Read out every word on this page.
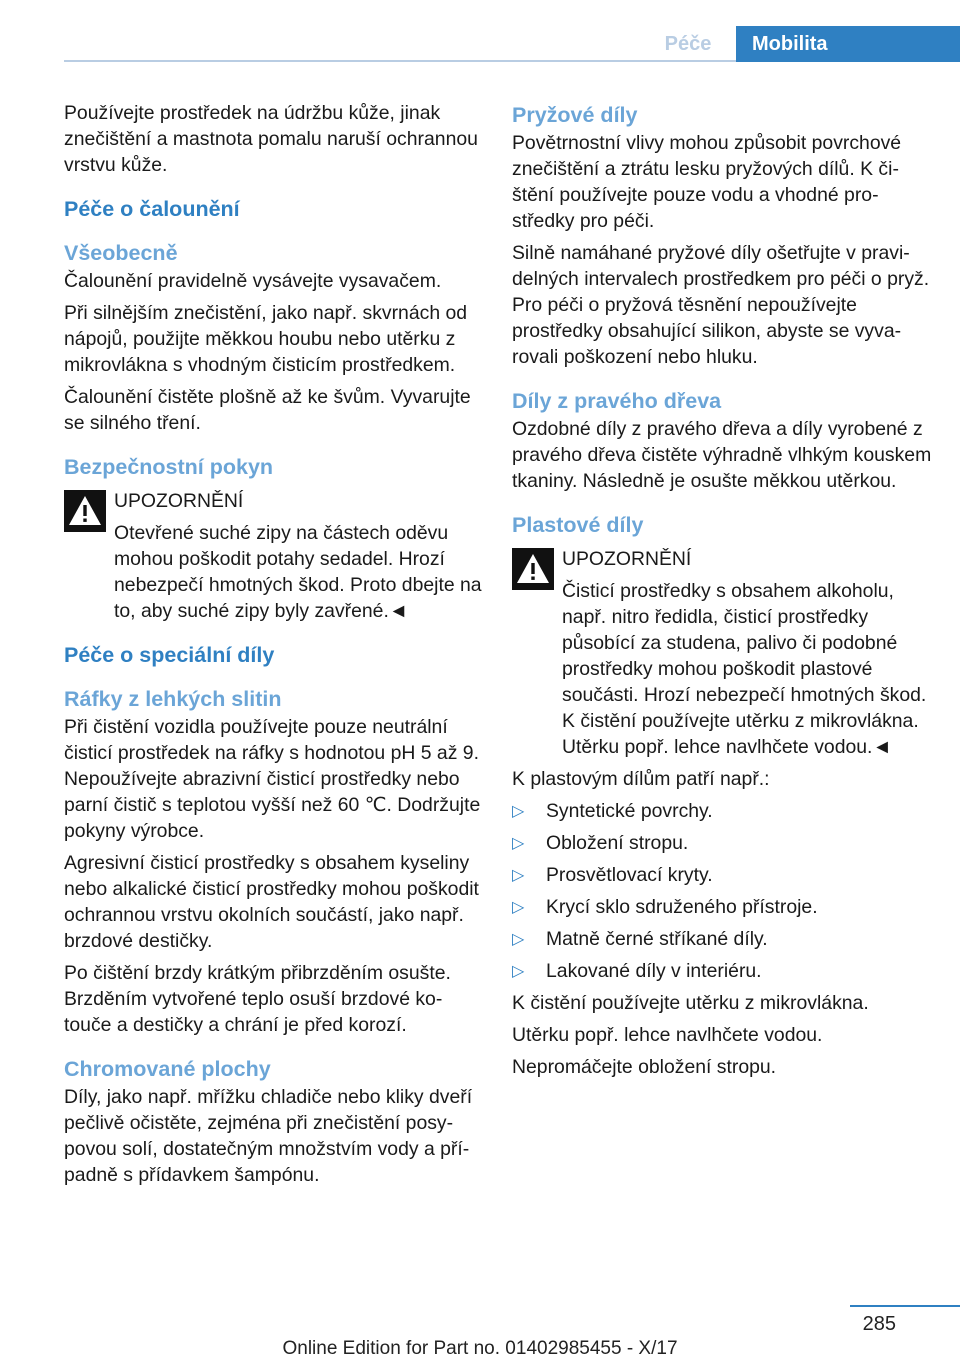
Péče	Mobilita

Používejte prostředek na údržbu kůže, jinak znečištění a mastnota pomalu naruší ochrannou vrstvu kůže.

Péče o čalounění
Všeobecně

Čalounění pravidelně vysávejte vysavačem.

Při silnějším znečistění, jako např. skvrnách od nápojů, použijte měkkou houbu nebo utěrku z mikrovlákna s vhodným čisticím prostředkem.

Čalounění čistěte plošně až ke švům. Vyvarujte se silného tření.

Bezpečnostní pokyn

UPOZORNĚNÍ

Otevřené suché zipy na částech oděvu mohou poškodit potahy sedadel. Hrozí nebezpečí hmotných škod. Proto dbejte na to, aby suché zipy byly zavřené.◄

Péče o speciální díly
Ráfky z lehkých slitin

Při čistění vozidla používejte pouze neutrální čisticí prostředek na ráfky s hodnotou pH 5 až 9. Nepoužívejte abrazivní čisticí prostředky nebo parní čistič s teplotou vyšší než 60 ℃. Dodržujte pokyny výrobce.

Agresivní čisticí prostředky s obsahem kyseliny nebo alkalické čisticí prostředky mohou poškodit ochrannou vrstvu okolních součástí, jako např. brzdové destičky.

Po čištění brzdy krátkým přibrzděním osušte. Brzděním vytvořené teplo osuší brzdové kotouče a destičky a chrání je před korozí.

Chromované plochy

Díly, jako např. mřížku chladiče nebo kliky dveří pečlivě očistěte, zejména při znečistění posypovou solí, dostatečným množstvím vody a případně s přídavkem šampónu.

Pryžové díly

Povětrnostní vlivy mohou způsobit povrchové znečištění a ztrátu lesku pryžových dílů. K čištění používejte pouze vodu a vhodné prostředky pro péči.

Silně namáhané pryžové díly ošetřujte v pravidelných intervalech prostředkem pro péči o pryž. Pro péči o pryžová těsnění nepoužívejte prostředky obsahující silikon, abyste se vyvarovali poškození nebo hluku.

Díly z pravého dřeva

Ozdobné díly z pravého dřeva a díly vyrobené z pravého dřeva čistěte výhradně vlhkým kouskem tkaniny. Následně je osušte měkkou utěrkou.

Plastové díly

UPOZORNĚNÍ

Čisticí prostředky s obsahem alkoholu, např. nitro ředidla, čisticí prostředky působící za studena, palivo či podobné prostředky mohou poškodit plastové součásti. Hrozí nebezpečí hmotných škod. K čistění používejte utěrku z mikrovlákna. Utěrku popř. lehce navlhčete vodou.◄

K plastovým dílům patří např.:

▷ Syntetické povrchy.
▷ Obložení stropu.
▷ Prosvětlovací kryty.
▷ Krycí sklo sdruženého přístroje.
▷ Matně černé stříkané díly.
▷ Lakované díly v interiéru.

K čistění používejte utěrku z mikrovlákna.

Utěrku popř. lehce navlhčete vodou.

Nepromáčejte obložení stropu.

285
Online Edition for Part no. 01402985455 - X/17
